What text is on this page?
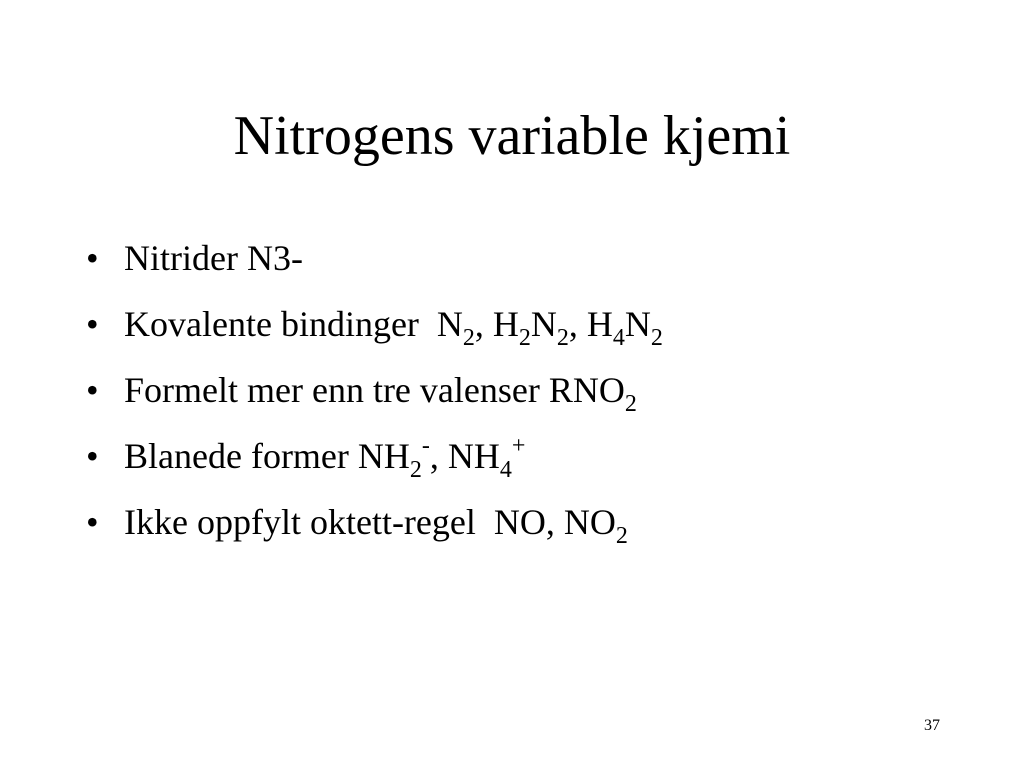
Nitrogens variable kjemi
• Nitrider N3-
• Kovalente bindinger  $N_2$, $H_2N_2$, $H_4N_2$
• Formelt mer enn tre valenser $RNO_2$
• Blanede former $NH_2^-$, $NH_4^+$
• Ikke oppfylt oktett-regel  NO, $NO_2$
37
